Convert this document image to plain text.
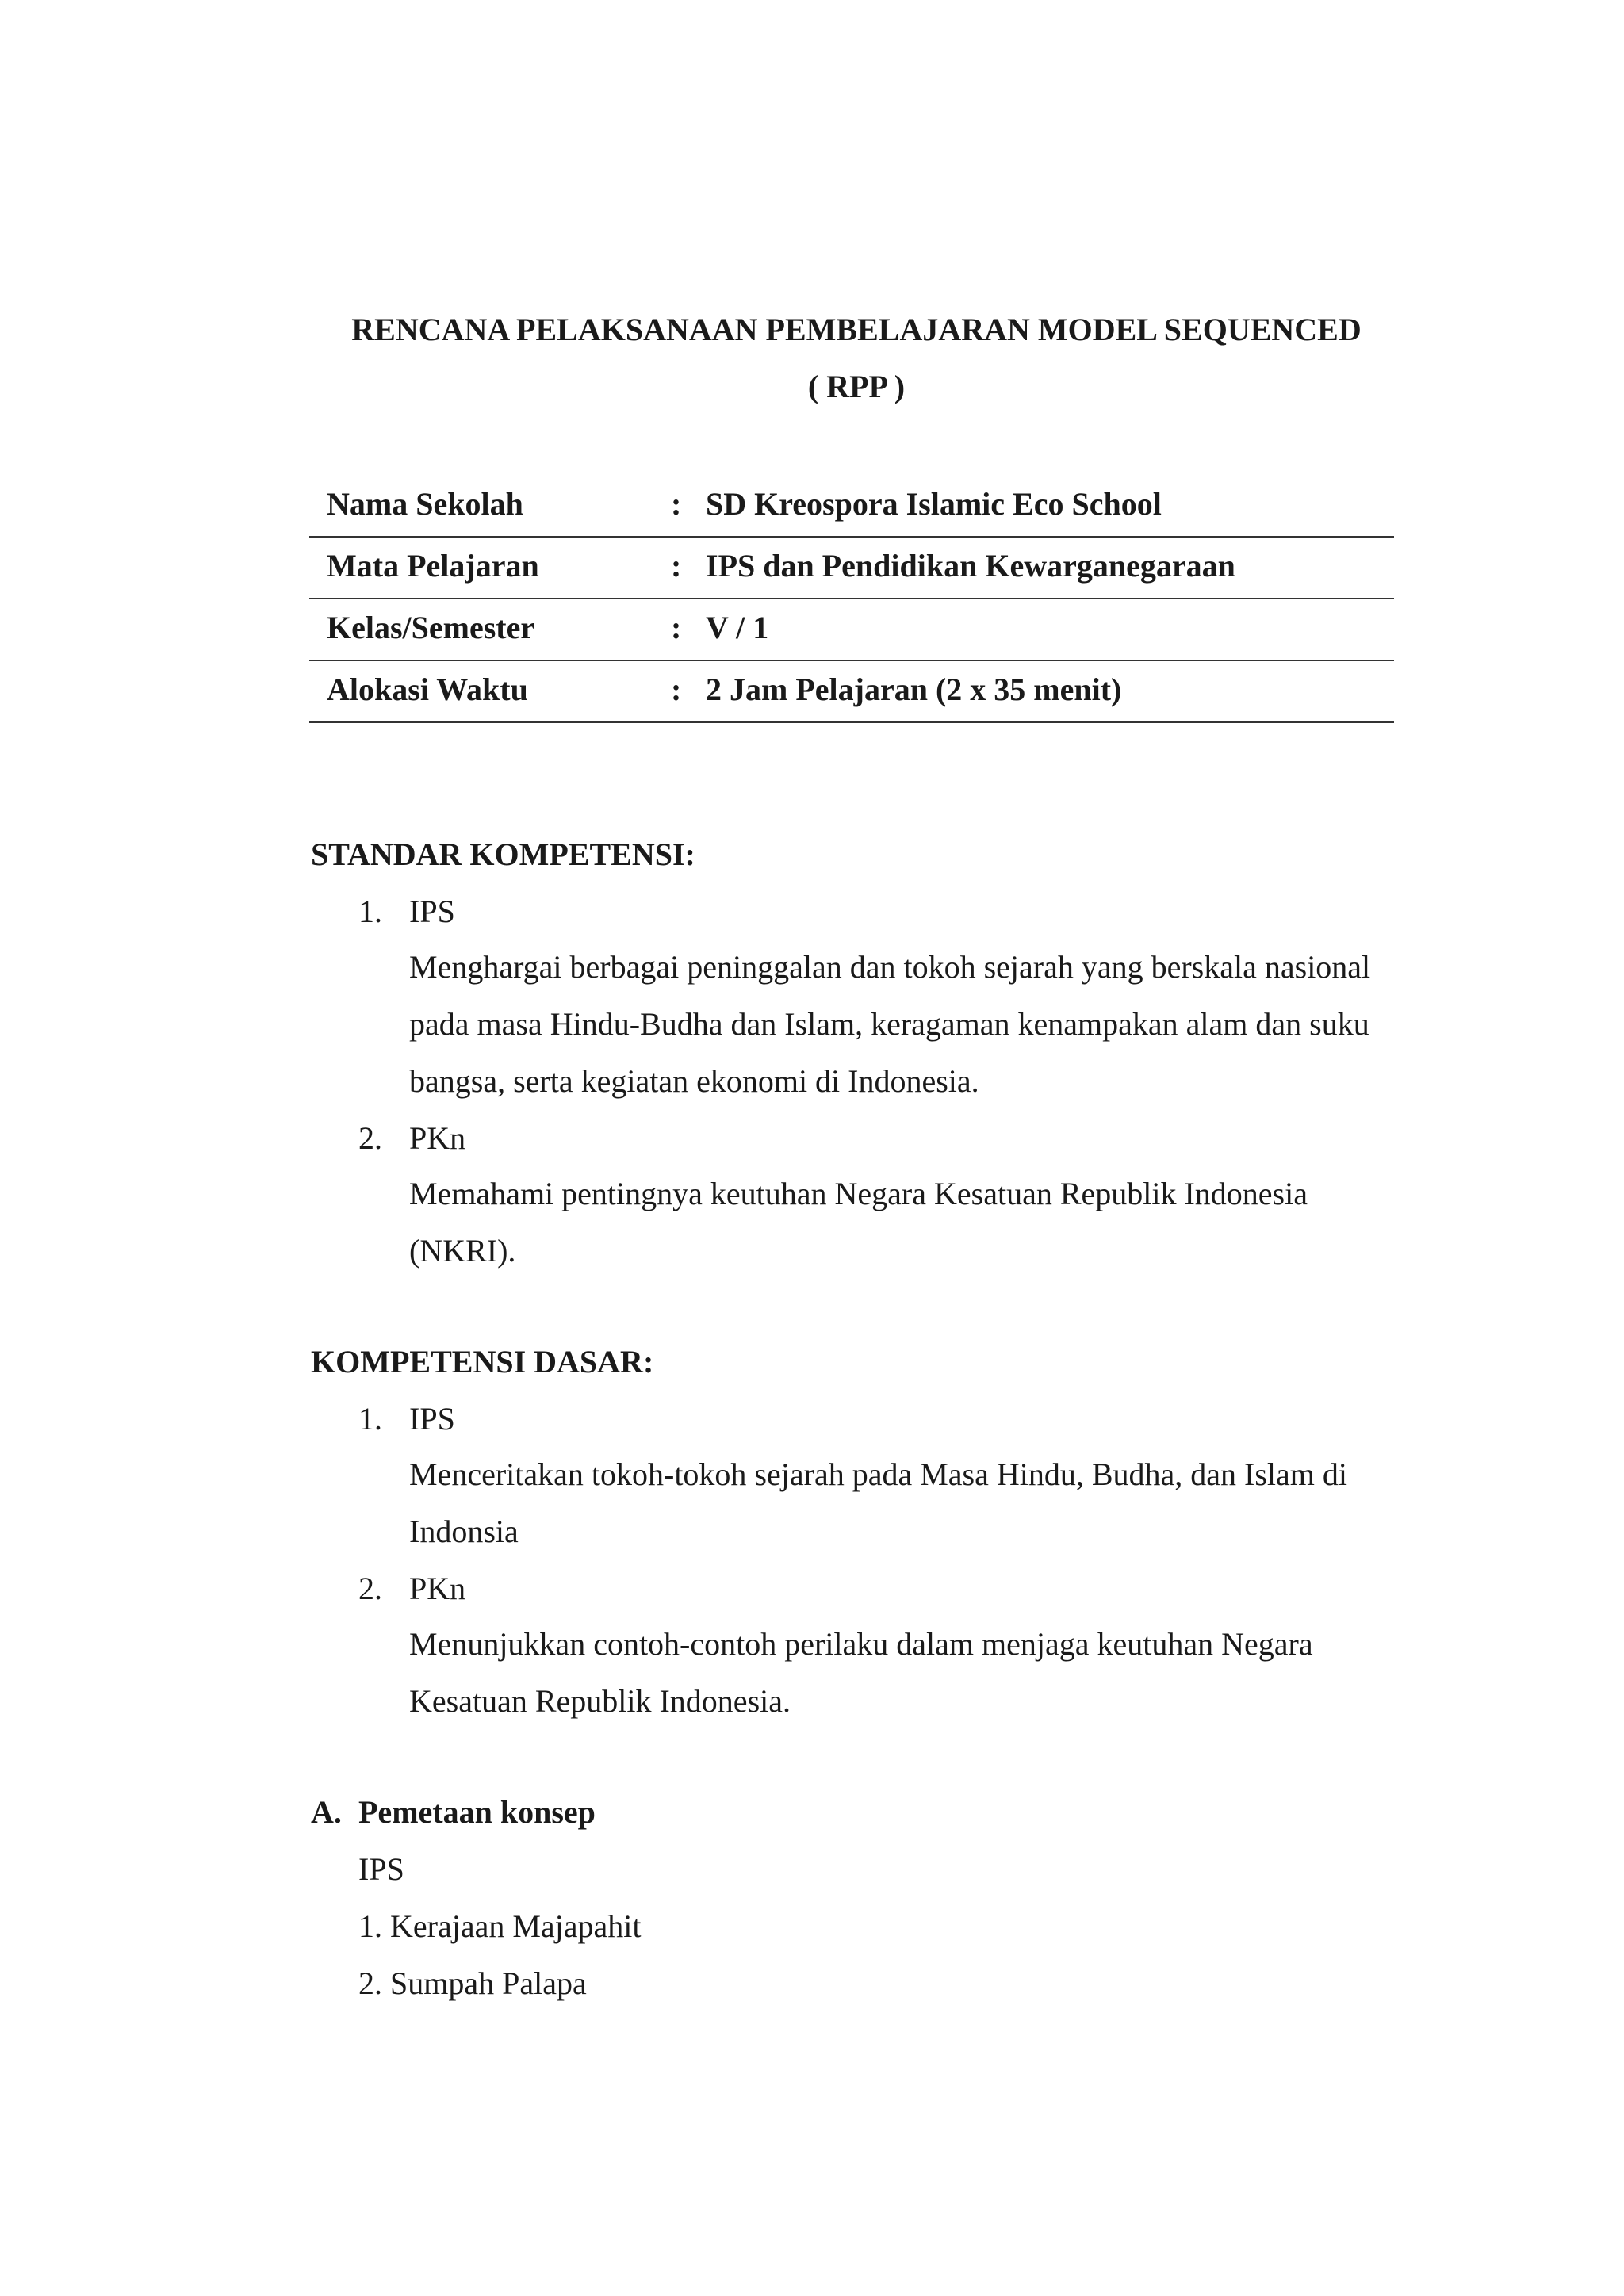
RENCANA PELAKSANAAN PEMBELAJARAN MODEL SEQUENCED
( RPP )
Nama Sekolah	: SD Kreospora Islamic Eco School
Mata Pelajaran	: IPS dan Pendidikan Kewarganegaraan
Kelas/Semester	: V / 1
Alokasi Waktu	: 2 Jam Pelajaran (2 x 35 menit)
STANDAR KOMPETENSI:
1. IPS
Menghargai berbagai peninggalan dan tokoh sejarah yang berskala nasional pada masa Hindu-Budha dan Islam, keragaman kenampakan alam dan suku bangsa, serta kegiatan ekonomi di Indonesia.
2. PKn
Memahami pentingnya keutuhan Negara Kesatuan Republik Indonesia (NKRI).
KOMPETENSI DASAR:
1. IPS
Menceritakan tokoh-tokoh sejarah pada Masa Hindu, Budha, dan Islam di Indonsia
2. PKn
Menunjukkan contoh-contoh perilaku dalam menjaga keutuhan Negara Kesatuan Republik Indonesia.
A. Pemetaan konsep
IPS
1. Kerajaan Majapahit
2. Sumpah Palapa
